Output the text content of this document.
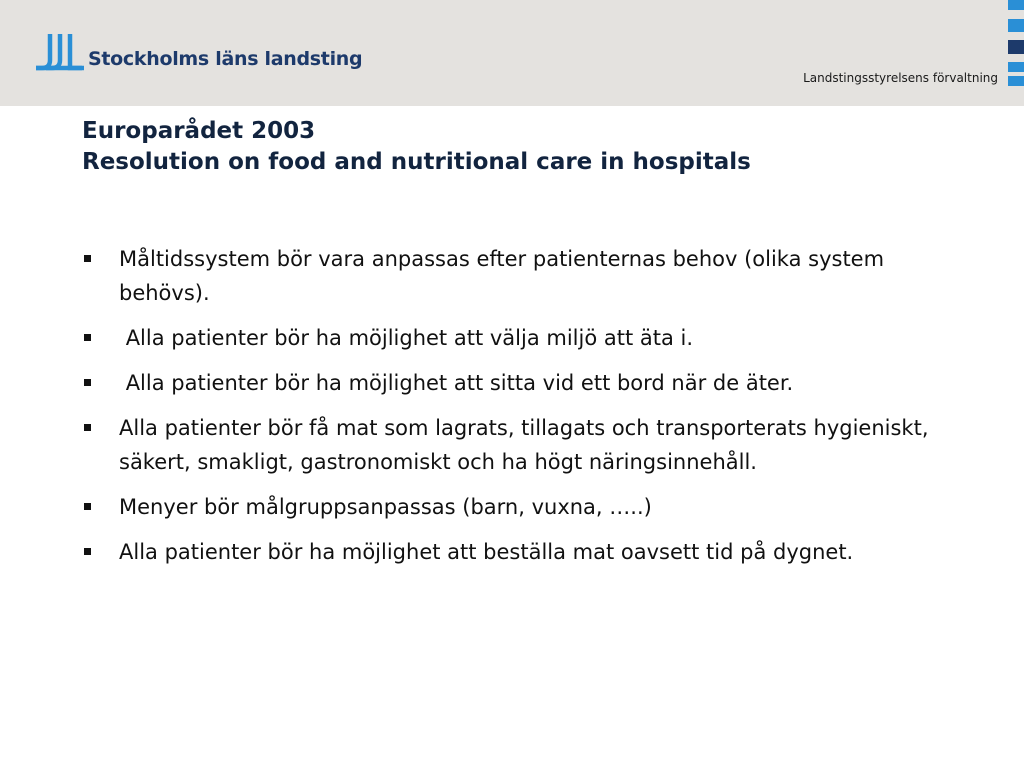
Stockholms läns landsting
Landstingsstyrelsens förvaltning
Europarådet 2003
Resolution on food and nutritional care in hospitals
Måltidssystem bör vara anpassas efter patienternas behov (olika system behövs).
Alla patienter bör ha möjlighet att välja miljö att äta i.
Alla patienter bör ha möjlighet att sitta vid ett bord när de äter.
Alla patienter bör få mat som lagrats, tillagats och transporterats hygieniskt, säkert, smakligt, gastronomiskt och ha högt näringsinnehåll.
Menyer bör målgruppsanpassas (barn, vuxna, …..)
Alla patienter bör ha möjlighet att beställa mat oavsett tid på dygnet.
